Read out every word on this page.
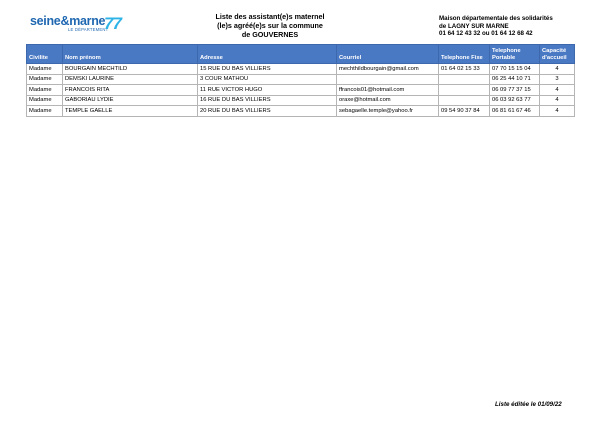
seine&marne
LE DÉPARTEMENT
77	Liste des assistant(e)s maternel
(le)s agréé(e)s sur la commune
de GOUVERNES
Maison départementale des solidarités
de LAGNY SUR MARNE
01 64 12 43 32 ou 01 64 12 68 42
Civilite	Nom prénom	Adresse	Courriel	Telephone Fixe	Telephone Portable	Capacité d'accueil
Madame	BOURGAIN MECHTILD	15 RUE DU BAS VILLIERS	mechthildbourgain@gmail.com	01 64 02 15 33	07 70 15 15 04	4
Madame	DEMSKI LAURINE	3 COUR MATHOU			06 25 44 10 71	3
Madame	FRANCOIS RITA	11 RUE VICTOR HUGO	ffrancois01@hotmail.com		06 09 77 37 15	4
Madame	GABORIAU LYDIE	16 RUE DU BAS VILLIERS	oraxe@hotmail.com		06 03 92 63 77	4
Madame	TEMPLE GAELLE	20 RUE DU BAS VILLIERS	sebagaelle.temple@yahoo.fr	09 54 90 37 84	06 81 61 67 46	4
Liste éditée le 01/09/22
